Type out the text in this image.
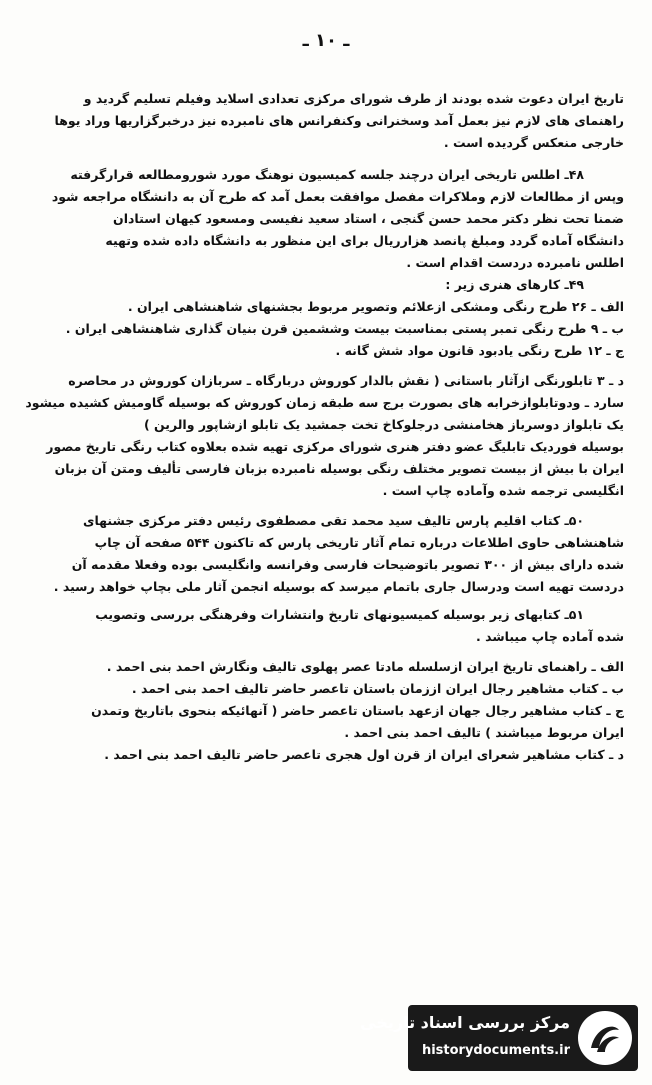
ـ ۱۰ ـ

تاریخ ایران دعوت شده بودند از طرف شورای مرکزی تعدادی اسلاید وفیلم تسلیم گردید و

راهنمای های لازم نیز بعمل آمد وسخنرانی وکنفرانس های نامبرده نیز درخبرگزاریها وراد یوها

خارجی منعکس گردیده است .

۴۸ـ اطلس تاریخی ایران درچند جلسه کمیسیون نوهنگ مورد شورومطالعه قرارگرفته

وپس از مطالعات لازم وملاکرات مفصل موافقت بعمل آمد که طرح آن به دانشگاه مراجعه شود

ضمنا تحت نظر دکتر محمد حسن گنجی ، استاد سعید نفیسی ومسعود کیهان استادان

دانشگاه آماده گردد ومبلغ پانصد هزارریال برای این منظور به دانشگاه داده شده وتهیه

اطلس نامبرده دردست اقدام است .

۴۹ـ کارهای هنری زیر :

الف ـ ۲۶ طرح رنگی ومشکی ازعلائم وتصویر مربوط بجشنهای شاهنشاهی ایران .

ب ـ ۹ طرح رنگی تمبر پستی بمناسبت بیست وششمین قرن بنیان گذاری شاهنشاهی ایران .

ج ـ ۱۲ طرح رنگی یادبود قانون مواد شش گانه .

د ـ ۳ تابلورنگی ازآثار باستانی ( نقش بالدار کوروش دربارگاه ـ سربازان کوروش در محاصره

سارد ـ ودوتابلوازخرابه های بصورت برج سه طبقه زمان کوروش که بوسیله گاومیش کشیده میشود

یک تابلواز دوسرباز هخامنشی درجلوکاخ تخت جمشید یک تابلو ازشاپور والرین )

بوسیله فوردیک تابلیگ عضو دفتر هنری شورای مرکزی تهیه شده بعلاوه کتاب رنگی تاریخ مصور

ایران با بیش از بیست تصویر مختلف رنگی بوسیله نامبرده بزبان فارسی تألیف ومتن آن بزبان

انگلیسی ترجمه شده وآماده چاپ است .

۵۰ـ کتاب اقلیم پارس تالیف سید محمد تقی مصطفوی رئیس دفتر مرکزی جشنهای

شاهنشاهی حاوی اطلاعات درباره تمام آثار تاریخی پارس که تاکنون ۵۴۴ صفحه آن چاپ

شده دارای بیش از ۳۰۰ تصویر باتوضیحات فارسی وفرانسه وانگلیسی بوده وفعلا مقدمه آن

دردست تهیه است ودرسال جاری باتمام میرسد که بوسیله انجمن آثار ملی بچاپ خواهد رسید .

۵۱ـ کتابهای زیر بوسیله کمیسیونهای تاریخ وانتشارات وفرهنگی بررسی وتصویب

شده آماده چاپ میباشد .

الف ـ راهنمای تاریخ ایران ازسلسله مادتا عصر پهلوی تالیف ونگارش احمد بنی احمد .

ب ـ کتاب مشاهیر رجال ایران اززمان باستان تاعصر حاضر تالیف احمد بنی احمد .

ج ـ کتاب مشاهیر رجال جهان ازعهد باستان تاعصر حاضر ( آنهائیکه بنحوی باتاریخ وتمدن

ایران مربوط میباشند ) تالیف احمد بنی احمد .

د ـ کتاب مشاهیر شعرای ایران از قرن اول هجری تاعصر حاضر تالیف احمد بنی احمد .

مرکز بررسی اسناد تاریخی
historydocuments.ir
